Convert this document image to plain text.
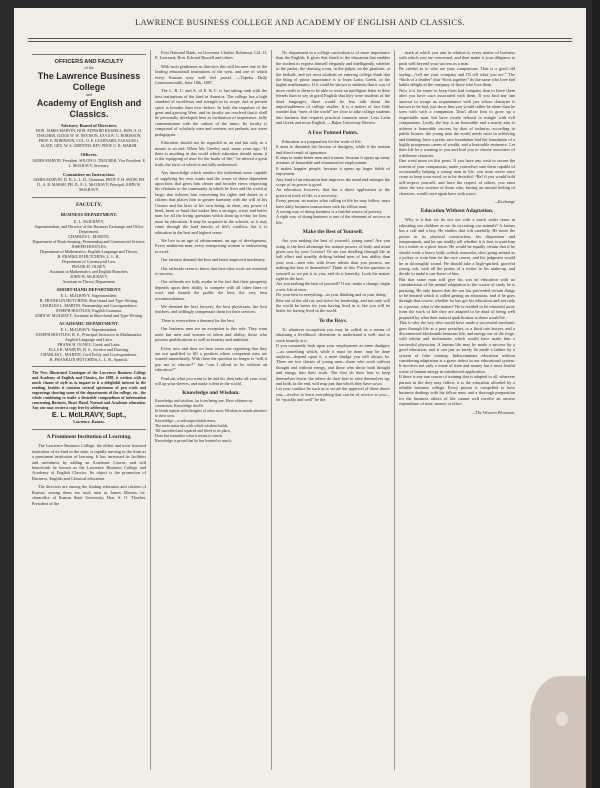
LAWRENCE BUSINESS COLLEGE AND ACADEMY OF ENGLISH AND CLASSICS.
OFFICERS AND FACULTY
of the
The Lawrence Business College
and
Academy of English and Classics.
Advisory Board of Directors.
HON. JAMES MARVIN, HON. EDWARD RUSSELL, HON. S. O. THACHER, JUDGE W. W. NEVISON, EX-GOV. C. ROBINSON, PROF. E. ROBINSON, COL. O. E. LEARNARD, ELEAZAR J. SLATE, GEN. W. S. GRIFFITH, REV. PROF. C. R. MARSH.
Officers.
JAMES MARVIN, President. SOLON O. THACHER, Vice President. E. L. McILRAVY, Secretary.
Committee on Instruction.
JAMES MARVIN, D. D., L. L. D., Chairman. PROF. F. H. SNOW, PH. D., A. R. MARSH, PH. D., E. L. McILRAVY, Principal, JOHN W. McILRAVY.
FACULTY.
BUSINESS DEPARTMENT.
E. L. McILRAVY,
Superintendent, and Director of the Business Exchange and Office Department.
CHARLES L. MARTIN,
Department of Book-keeping, Penmanship and Commercial Science.
JOSEPH HOOTLES,
Department of Mathematics, English Language and Theory.
B. FRANKLIN HUTCHINS, L. L. B.,
Department of Commercial Law.
FRANK H. OLNEY,
Assistant in Mathematics and English Branches.
JOHN W. McILRAVY,
Assistant in Theory Department.
SHORT-HAND DEPARTMENT.
E. L. McILRAVY, Superintendent.
B. FRANKLIN HUTCHINS, Short-hand and Type-Writing.
CHARLES L. MARTIN, Penmanship and Correspondence.
JOSEPH HOOTLES, English Grammar.
JOHN W. McILRAVY, Assistant in Short-hand and Type-Writing.
ACADEMIC DEPARTMENT.
E. L. McILRAVY, Superintendent.
JOSEPH HOOTLES, B. S., Principal, Instructor in Mathematics, English Language and Latin.
FRANK H. OLNEY, Greek and Latin.
ELLA R. MARVIN, B. S., Science and Drawing.
CHARLES L. MARTIN, Civil Polity and Correspondence.
B. FRANKLIN HUTCHINS, L. L. B., Spanish.
The New Illustrated Catalogue of the Lawrence Business College and Academy of English and Classics, for 1888, is written with as much charm of style as to impart to it a delightful interest in the reading, besides it contains several specimens of pen work and engravings showing some of the departments of the college, etc., the whole combining to make a desirable compendium of information concerning Business, Short Hand, Normal and Academic education. Any one may secure a copy free by addressing
E. L. McILRAVY, Supt.,
Lawrence, Kansas.
A Prominent Institution of Learning.

The Lawrence Business College, the oldest and most honored institution of its kind in the state, is rapidly moving to the front as a prominent institution of learning. It has increased its facilities and usefulness by adding an Academic Course, and will henceforth be known as the Lawrence Business College and Academy of English Classics. Its object is the promotion of Business, English and Classical education.

The directors are among the leading educators and citizens of Kansas, among them are such men as James Marvin, ex-chancellor of Kansas State University, Hon. S. O. Thacher, President of the

First National Bank; ex-Governor Charles Robinson, Col. O. E. Learnard, Hon. Edward Russell and others.

With such gentlemen as directors this will become one of the leading educational institutions of the west, and one of which every Kansan may well feel proud. —Topeka Daily Commonwealth, June 18th, 1887.

The L. B. C. and A. of E. & C. is fast taking rank with the best institutions of the kind in America. The college has a high standard of excellence and strength in its scope, and at present spirit is broader than ever before. In both the impulses of the great and growing West, and its faculty are resolved that it shall be personally developed here as inclination of importance, fully commensurate with the culture of the times. Its faculty is composed of scholarly men and women, not pedants, nor mere pedagogues.

Education should not be regarded as an end but only as a means to an end. When Mr. Greeley said, many years ago, “If there is anything in this world which education should mean, it is the equipping of men for the battle of life,” he uttered a great truth, the force of which is not fully understood.

Any knowledge which renders the individual more capable of supplying his own wants and the wants of those dependent upon him; that gives him clearer and broader views respecting his relations to the community in which he lives and the world at large; that informs him concerning his rights and duties as a citizen; that places him in greater harmony with the will of his Creator and the laws of his own being; in short, any power of head, heart or hand that makes him a stronger, wiser and better man for all the living questions which front up to-day for him, must be education. It may be acquired in the schools, or it may come through the hard knocks of life's conflicts, but it is education in the best and highest sense.

We live in an age of advancement, an age of development. Every ambitious man, every enterprising woman is endeavoring to excel.

Our farmers demand the best and latest improved machinery.

Our railroads seem to know that first-class tools are essential to success.

Our railroads are fully awake to the fact that their prosperity depends upon their ability to compete with all other lines of road, and furnish the public the best, the very best accommodations.

We demand the best lawyers, the best physicians, the best teachers, and willingly compensate them for their services.

There is everywhere a demand for the best.

Our business men are no exception to this rule. They want none but men and women of talent and ability, those who possess qualifications as well as honesty and ambition.

Every now and then we hear some one regretting that they are not qualified to fill a position where competent men are wanted immediately. With these the question no longer is “will it pay me to educate?” but “can I afford to be without an education?”

Find out what you want to be and do, then take off your coat, roll up your sleeves, and make a dent in the world.

Knowledge and Wisdom.
Knowledge and wisdom, far from being one, Have ofttimes no connection. Knowledge dwells
In heads replete with thoughts of other men; Wisdom in minds attentive to their own.
Knowledge—a rude unprofitable mass,
The mere materials with which wisdom builds,
Till smoothed and squared and fitted to its place,
Does but encumber what it seems to enrich.
Knowledge is proud that he has learned so much;

No department in a college curriculum is of more importance than the English. It gives that finish to the education that enables the student to express himself elegantly and intelligently, whether in the parlor, the drawing room, in the pulpit, on the platform, at the bedside, and yet most students on entering college think that the thing of prime importance is to learn Latin, Greek, or the higher mathematics. If it could be shown to students that it was of more credit to them to be able to write an intelligent letter to their friends than to say in good English that they were students of the dead languages, there would be less talk about the unprofitableness of college studies. It is a matter of fact little wonder that “men of the world” are slow to take college students into business that requires practical common sense. Less Latin and Greek and more English. —Baker University Review.

A Few Pointed Points.

Education is a preparation for the work of life.
It aims to diminish the friction of drudgery, while it the tension and direct result of ignorance.
It aims to make better men and women, because it opens up many avenues of honorable and remunerative employment.
It makes happier people, because it opens up larger fields of enjoyment.
Any kind of an education that improves the mind and enlarges the scope of its power is good.
An education, however, that has a direct application to the practical work of life, is a necessity.
Every person, no matter what calling in life he may follow, must have daily business transactions with his fellow man.
A wrong way of doing business is a fruitful source of poverty.
A right way of doing business is one of the elements of success in life.

Make the Best of Yourself.

Are you making the best of yourself, young man? Are you using to the best advantage the natural powers of body and mind given you by your Creator? Or are you dwelling through life in half effort and steadily drifting behind men of less ability than your own—men who with fewer talents than you possess, are making the best of themselves? Think of this. Put the question to yourself as we put it to you, and do it honestly. Look the matter right in the face.
Are you making the best of yourself? If not, make a change; begin a new life at once.
Do your best in everything—in your thinking and in your doing.
Rise out of the old rut, and strive for leadership, and not only will the world be better for your having lived in it, but you will be better for having lived in the world.

To the Boys.

To whatever occupation you may be called, as a means of obtaining a livelihood, determine to understand it well, and to work heartily at it.
If you constantly look upon your employment as mere drudgery—as something which, while it must be done, may be done anyhow—depend upon it, a mere drudge you will always be. There are two classes of young men—those who work without thought and without energy, and those who throw both thought and energy into their work. The first do their best to keep themselves down; the others do their best to raise themselves up; and both, in the end, will reap just that which they have sown.
Let your conduct be such as to secure the approval of those above you—resolve to learn everything that can be of service to you—let “quickly and well” be the

mark at which you aim in relation to every matter of business with which you are concerned, and then make it your diligence to push well beyond your success as a man.
Be careful as to who are your companions. That is a good old saying—“tell me your company and I'll tell what you are.” The “birds of a feather” that “flock together” do the same who love bad habits delight in the company of those who love them.
Now it is far easier to keep from bad company than to leave them after you have once associated with them. If you find any one anxious to scrape an acquaintance with you whose character is known to be bad, just show him you would rather be alone than be seen with such a companion. Don't allow him to grow up a respectable man, but have wisely refused to mingle with evil companions. Lastly, the boy is an honorable and a manly aim to achieve a honorable success by dint of industry, according to public honors, the young men the world needs most in achieving and thinking, have a pretty sure foundation laid the foundation of a highly prosperous career of wealth, and a honorable eminence. Let their life be a warning to you and lead you to choose associates of a different character.
One word more on this point. If you have any wish to secure the esteem of your companions, make yourselves sure them capable of occasionally helping a young man in life, you must never once cease to keep your word, or to be deceitful. “Be! if you would hold self-respect yourself, and have the respect of others, you must show the very essence of those who, having an inward feeling of character, would once again have with yours.

—Exchange
Education Without Adaptation.

Why is it that we do not see with a much wider sense in educating our children as we do in raising our animals? A farmer has a colt and a boy. He studies that colt carefully. He notes the points in its physical construction, his disposition and temperament, and he can readily tell whether it is best to train him for a trotter or a plow horse. He would be equally certain that if he should work a heavy built, coltish, muscular, slow going animal as a jockey or train him for the race course, and his judgment would be as thoroughly sound. He should take a high-spirited, graceful young colt, with all the points of a trotter in his make-up, and decide to make a cart-horse of him.
But that same man will give his son an education with no consideration of his mental adaptation to the course of study he is pursuing. He only knows that the son has proceeded certain things to be learned which is called getting an education, and if he goes through that course, whether he has got his education and not only or a person, what is the matter? He is entitled to be educated away from the work of life they are adapted to be dead of being well prepared by what their natural qualification to them would be.
This is why the boy who would have made a successful mechanic goes through life as a poor preacher, or a third rate lawyer, and a disconnected blacksmith bemoans life, and energy out of the forge, with talents and inclinations which would have made him a successful physician. A human life may be made a success by a good education, and it can just as surely be made a failure by a system of false training. Indiscriminate education without considering adaptation is a grave defect in our educational system. It involves not only a waste of time and money but a most fearful waste of human energy in misdirected application.
If there is any one course of training that is adapted to all, whatever pursuit in life they may follow, it is the education afforded by a reliable business college. Every person is compelled to have business dealings with his fellow men, and a thorough preparation for the business affairs of life cannot well involve an unwise expenditure of time, money or effort.

—The Western Plowman.
